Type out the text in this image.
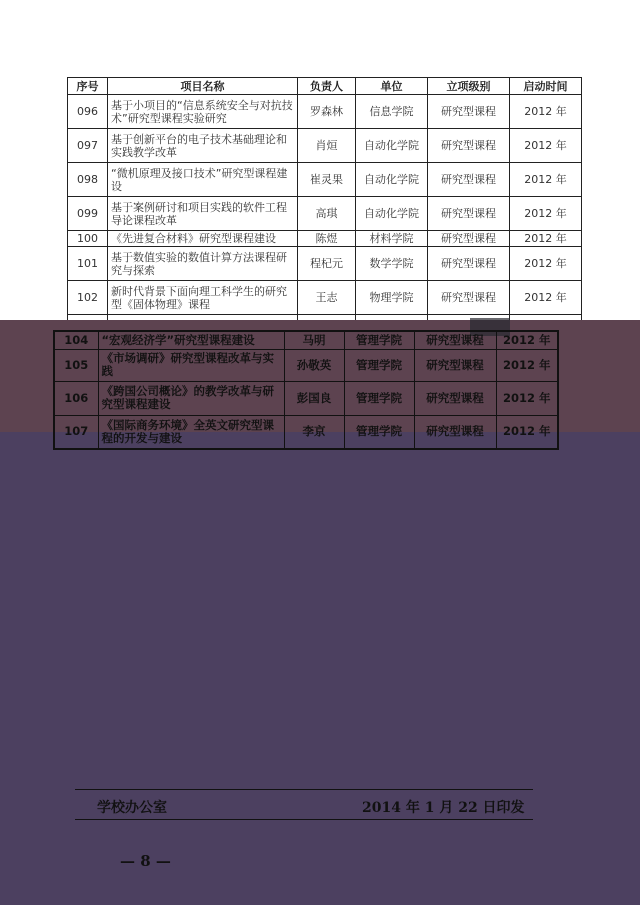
序号	项目名称	负责人	单位	立项级别	启动时间
096	基于小项目的“信息系统安全与对抗技术”研究型课程实验研究	罗森林	信息学院	研究型课程	2012 年
097	基于创新平台的电子技术基础理论和实践教学改革	肖烜	自动化学院	研究型课程	2012 年
098	“微机原理及接口技术”研究型课程建设	崔灵果	自动化学院	研究型课程	2012 年
099	基于案例研讨和项目实践的软件工程导论课程改革	高琪	自动化学院	研究型课程	2012 年
100	《先进复合材料》研究型课程建设	陈煜	材料学院	研究型课程	2012 年
101	基于数值实验的数值计算方法课程研究与探索	程杞元	数学学院	研究型课程	2012 年
102	新时代背景下面向理工科学生的研究型《固体物理》课程	王志	物理学院	研究型课程	2012 年

104	“宏观经济学”研究型课程建设	马明	管理学院	研究型课程	2012 年
105	《市场调研》研究型课程改革与实践	孙敬英	管理学院	研究型课程	2012 年
106	《跨国公司概论》的教学改革与研究型课程建设	彭国良	管理学院	研究型课程	2012 年
107	《国际商务环境》全英文研究型课程的开发与建设	李京	管理学院	研究型课程	2012 年
学校办公室	2014 年 1 月 22 日印发
— 8 —
